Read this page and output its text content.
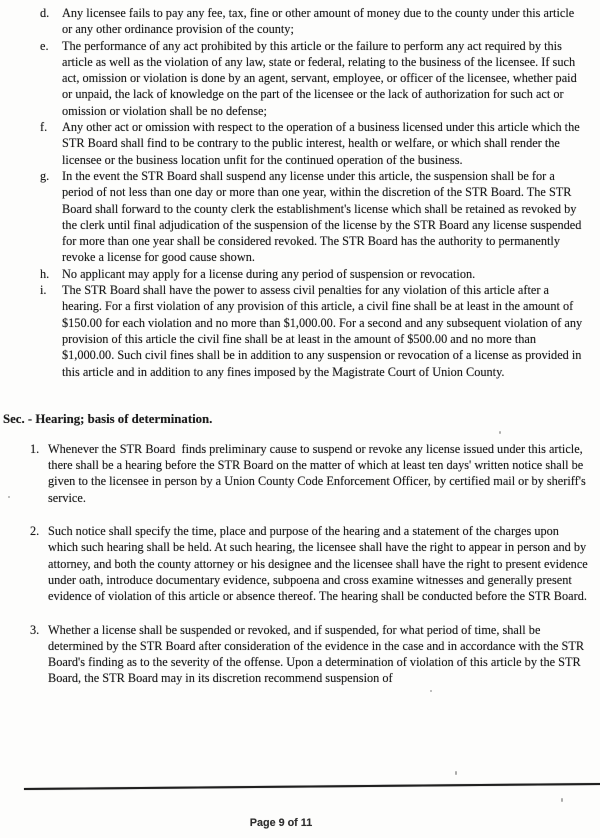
d.	Any licensee fails to pay any fee, tax, fine or other amount of money due to the county under this article or any other ordinance provision of the county;
e.	The performance of any act prohibited by this article or the failure to perform any act required by this article as well as the violation of any law, state or federal, relating to the business of the licensee. If such act, omission or violation is done by an agent, servant, employee, or officer of the licensee, whether paid or unpaid, the lack of knowledge on the part of the licensee or the lack of authorization for such act or omission or violation shall be no defense;
f.	Any other act or omission with respect to the operation of a business licensed under this article which the STR Board shall find to be contrary to the public interest, health or welfare, or which shall render the licensee or the business location unfit for the continued operation of the business.
g.	In the event the STR Board shall suspend any license under this article, the suspension shall be for a period of not less than one day or more than one year, within the discretion of the STR Board. The STR Board shall forward to the county clerk the establishment's license which shall be retained as revoked by the clerk until final adjudication of the suspension of the license by the STR Board any license suspended for more than one year shall be considered revoked. The STR Board has the authority to permanently revoke a license for good cause shown.
h.	No applicant may apply for a license during any period of suspension or revocation.
i.	The STR Board shall have the power to assess civil penalties for any violation of this article after a hearing. For a first violation of any provision of this article, a civil fine shall be at least in the amount of $150.00 for each violation and no more than $1,000.00. For a second and any subsequent violation of any provision of this article the civil fine shall be at least in the amount of $500.00 and no more than $1,000.00. Such civil fines shall be in addition to any suspension or revocation of a license as provided in this article and in addition to any fines imposed by the Magistrate Court of Union County.
Sec. - Hearing; basis of determination.
1. Whenever the STR Board  finds preliminary cause to suspend or revoke any license issued under this article, there shall be a hearing before the STR Board on the matter of which at least ten days' written notice shall be given to the licensee in person by a Union County Code Enforcement Officer, by certified mail or by sheriff's service.
2. Such notice shall specify the time, place and purpose of the hearing and a statement of the charges upon which such hearing shall be held. At such hearing, the licensee shall have the right to appear in person and by attorney, and both the county attorney or his designee and the licensee shall have the right to present evidence under oath, introduce documentary evidence, subpoena and cross examine witnesses and generally present evidence of violation of this article or absence thereof. The hearing shall be conducted before the STR Board.
3. Whether a license shall be suspended or revoked, and if suspended, for what period of time, shall be determined by the STR Board after consideration of the evidence in the case and in accordance with the STR Board's finding as to the severity of the offense. Upon a determination of violation of this article by the STR Board, the STR Board may in its discretion recommend suspension of
Page 9 of 11
